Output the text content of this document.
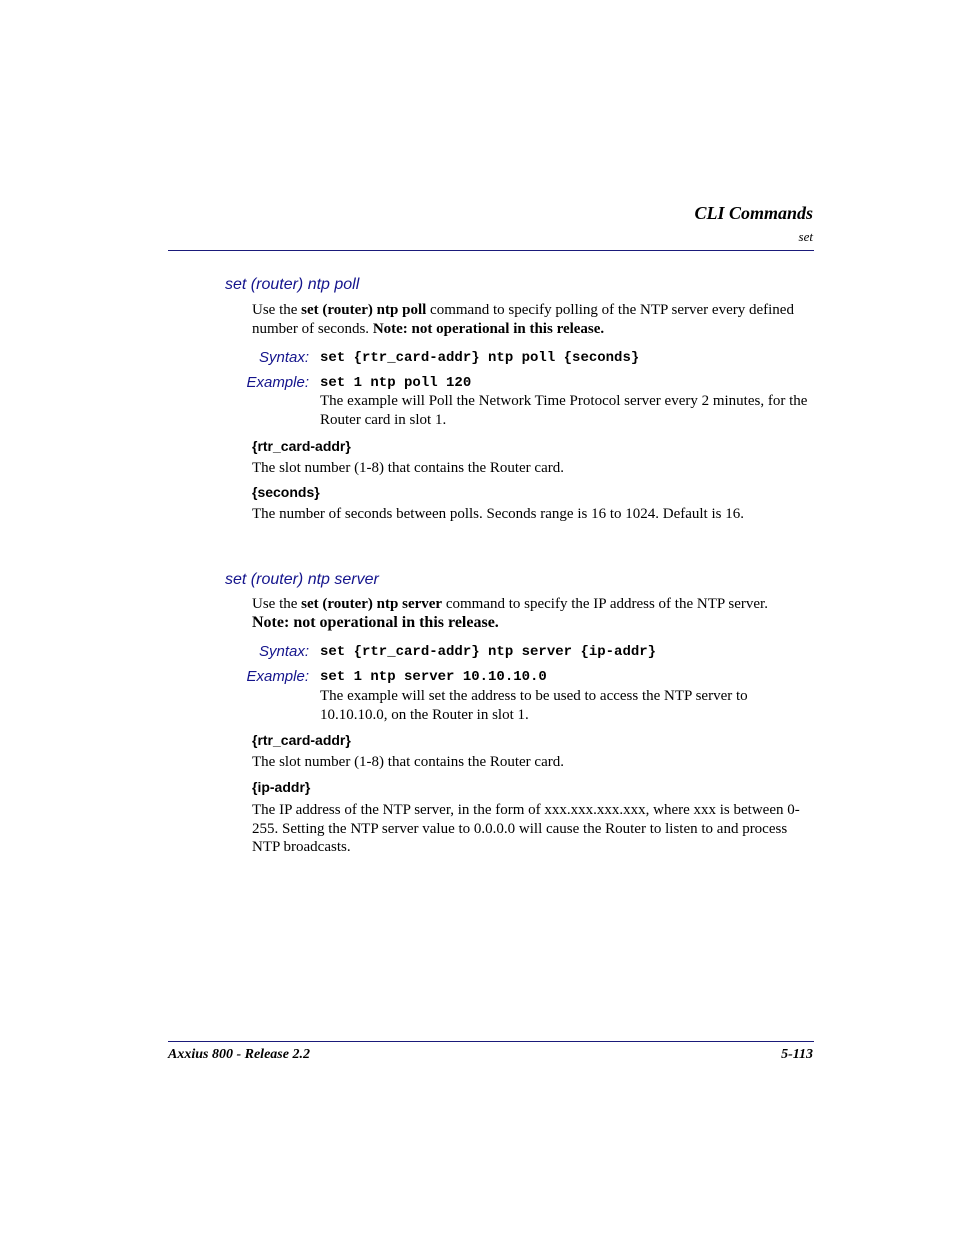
CLI Commands
set
set (router) ntp poll
Use the set (router) ntp poll command to specify polling of the NTP server every defined number of seconds. Note: not operational in this release.
Syntax: set {rtr_card-addr} ntp poll {seconds}
Example: set 1 ntp poll 120
The example will Poll the Network Time Protocol server every 2 minutes, for the Router card in slot 1.
{rtr_card-addr}
The slot number (1-8) that contains the Router card.
{seconds}
The number of seconds between polls. Seconds range is 16 to 1024. Default is 16.
set (router) ntp server
Use the set (router) ntp server command to specify the IP address of the NTP server.
Note: not operational in this release.
Syntax: set {rtr_card-addr} ntp server {ip-addr}
Example: set 1 ntp server 10.10.10.0
The example will set the address to be used to access the NTP server to 10.10.10.0, on the Router in slot 1.
{rtr_card-addr}
The slot number (1-8) that contains the Router card.
{ip-addr}
The IP address of the NTP server, in the form of xxx.xxx.xxx.xxx, where xxx is between 0-255. Setting the NTP server value to 0.0.0.0 will cause the Router to listen to and process NTP broadcasts.
Axxius 800 - Release 2.2	5-113
